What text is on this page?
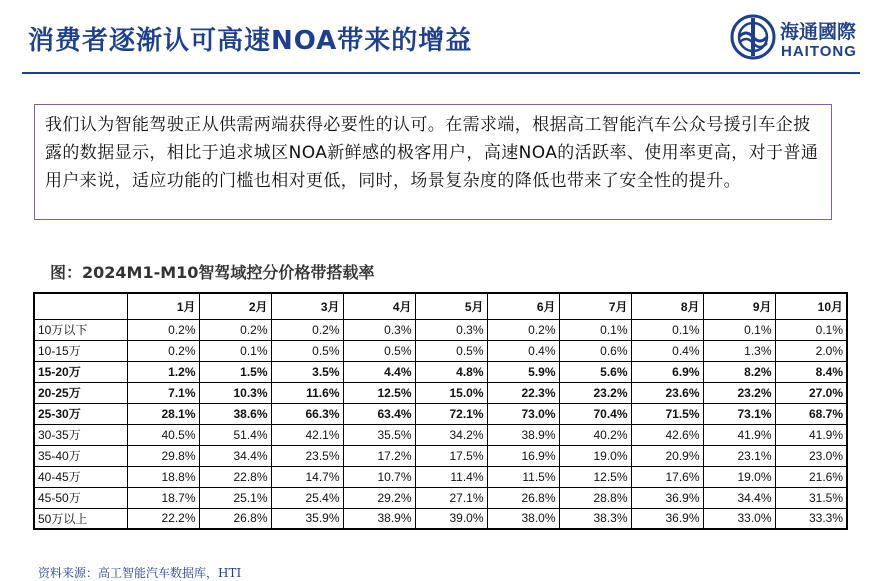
消费者逐渐认可高速NOA带来的增益	海通國際
HAITONG
我们认为智能驾驶正从供需两端获得必要性的认可。在需求端，根据高工智能汽车公众号援引车企披露的数据显示，相比于追求城区NOA新鲜感的极客用户，高速NOA的活跃率、使用率更高，对于普通用户来说，适应功能的门槛也相对更低，同时，场景复杂度的降低也带来了安全性的提升。
图：2024M1-M10智驾域控分价格带搭载率
	1月	2月	3月	4月	5月	6月	7月	8月	9月	10月
10万以下	0.2%	0.2%	0.2%	0.3%	0.3%	0.2%	0.1%	0.1%	0.1%	0.1%
10-15万	0.2%	0.1%	0.5%	0.5%	0.5%	0.4%	0.6%	0.4%	1.3%	2.0%
15-20万	1.2%	1.5%	3.5%	4.4%	4.8%	5.9%	5.6%	6.9%	8.2%	8.4%
20-25万	7.1%	10.3%	11.6%	12.5%	15.0%	22.3%	23.2%	23.6%	23.2%	27.0%
25-30万	28.1%	38.6%	66.3%	63.4%	72.1%	73.0%	70.4%	71.5%	73.1%	68.7%
30-35万	40.5%	51.4%	42.1%	35.5%	34.2%	38.9%	40.2%	42.6%	41.9%	41.9%
35-40万	29.8%	34.4%	23.5%	17.2%	17.5%	16.9%	19.0%	20.9%	23.1%	23.0%
40-45万	18.8%	22.8%	14.7%	10.7%	11.4%	11.5%	12.5%	17.6%	19.0%	21.6%
45-50万	18.7%	25.1%	25.4%	29.2%	27.1%	26.8%	28.8%	36.9%	34.4%	31.5%
50万以上	22.2%	26.8%	35.9%	38.9%	39.0%	38.0%	38.3%	36.9%	33.0%	33.3%
资料来源：高工智能汽车数据库，HTI
